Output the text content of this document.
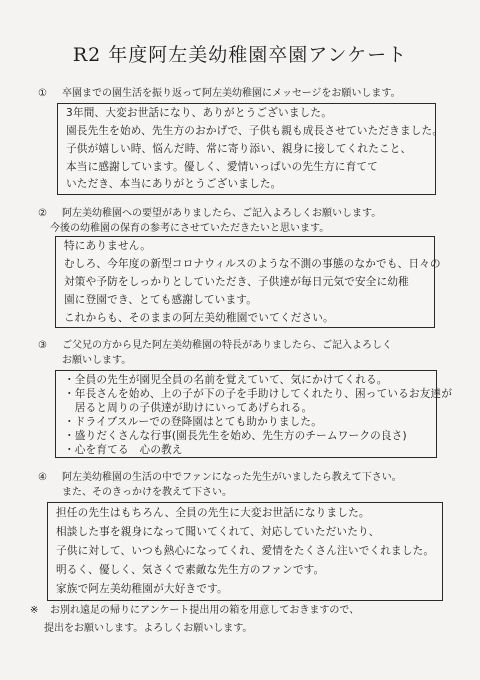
R2 年度阿左美幼稚園卒園アンケート
①	卒園までの園生活を振り返って阿左美幼稚園にメッセージをお願いします。
3年間、大変お世話になり、ありがとうございました。
園長先生を始め、先生方のおかげで、子供も親も成長させていただきました。
子供が嬉しい時、悩んだ時、常に寄り添い、親身に接してくれたこと、
本当に感謝しています。優しく、愛情いっぱいの先生方に育てて
いただき、本当にありがとうございました。
②	阿左美幼稚園への要望がありましたら、ご記入よろしくお願いします。
今後の幼稚園の保育の参考にさせていただきたいと思います。
特にありません。
むしろ、今年度の新型コロナウィルスのような不測の事態のなかでも、日々の
対策や予防をしっかりとしていただき、子供達が毎日元気で安全に幼稚
園に登園でき、とても感謝しています。
これからも、そのままの阿左美幼稚園でいてください。
③	ご父兄の方から見た阿左美幼稚園の特長がありましたら、ご記入よろしく
お願いします。
・全員の先生が園児全員の名前を覚えていて、気にかけてくれる。
・年長さんを始め、上の子が下の子を手助けしてくれたり、困っているお友達が
　居ると周りの子供達が助けにいってあげられる。
・ドライブスルーでの登降園はとても助かりました。
・盛りだくさんな行事(園長先生を始め、先生方のチームワークの良さ)
・心を育てる　心の教え
④	阿左美幼稚園の生活の中でファンになった先生がいましたら教えて下さい。
また、そのきっかけを教えて下さい。
担任の先生はもちろん、全員の先生に大変お世話になりました。
相談した事を親身になって聞いてくれて、対応していただいたり、
子供に対して、いつも熱心になってくれ、愛情をたくさん注いでくれました。
明るく、優しく、気さくで素敵な先生方のファンです。
家族で阿左美幼稚園が大好きです。
※	お別れ遠足の帰りにアンケート提出用の箱を用意しておきますので、
提出をお願いします。よろしくお願いします。
